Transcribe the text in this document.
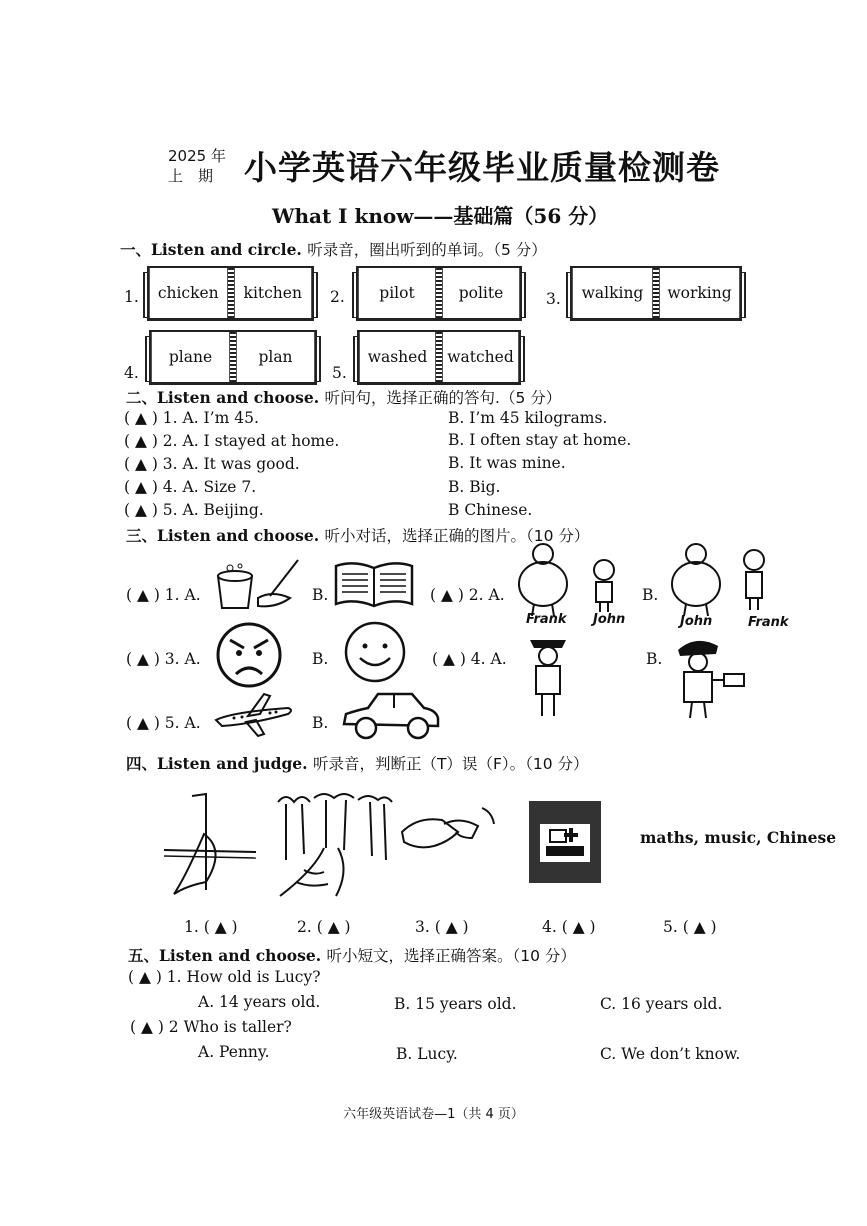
2025 年
上　期 小学英语六年级毕业质量检测卷
What I know——基础篇（56 分）
一、Listen and circle. 听录音，圈出听到的单词。（5 分）
1.	chicken	kitchen	2.	pilot	polite	3.	walking	working
4.
plane	plan
5.
washed	watched
二、Listen and choose. 听问句，选择正确的答句.（5 分）
( ▲ ) 1. A. I’m 45.	B. I’m 45 kilograms.
( ▲ ) 2. A. I stayed at home.	B. I often stay at home.
( ▲ ) 3. A. It was good.	B. It was mine.
( ▲ ) 4. A. Size 7.	B. Big.
( ▲ ) 5. A. Beijing.	B Chinese.
三、Listen and choose. 听小对话，选择正确的图片。（10 分）
( ▲ ) 1. A.	B.	( ▲ ) 2. A.
Frank John
B.
John	Frank
( ▲ ) 3. A.	B.	( ▲ ) 4. A.	B.
( ▲ ) 5. A.	B.
四、Listen and judge. 听录音，判断正（T）误（F）。（10 分）
maths, music, Chinese
1. ( ▲ )	2. ( ▲ )	3. ( ▲ )	4. ( ▲ )	5. ( ▲ )
五、Listen and choose. 听小短文，选择正确答案。（10 分）
( ▲ ) 1. How old is Lucy?
A. 14 years old.	B. 15 years old.	C. 16 years old.
( ▲ ) 2 Who is taller?
A. Penny.	B. Lucy.	C. We don’t know.
六年级英语试卷—1（共 4 页）
